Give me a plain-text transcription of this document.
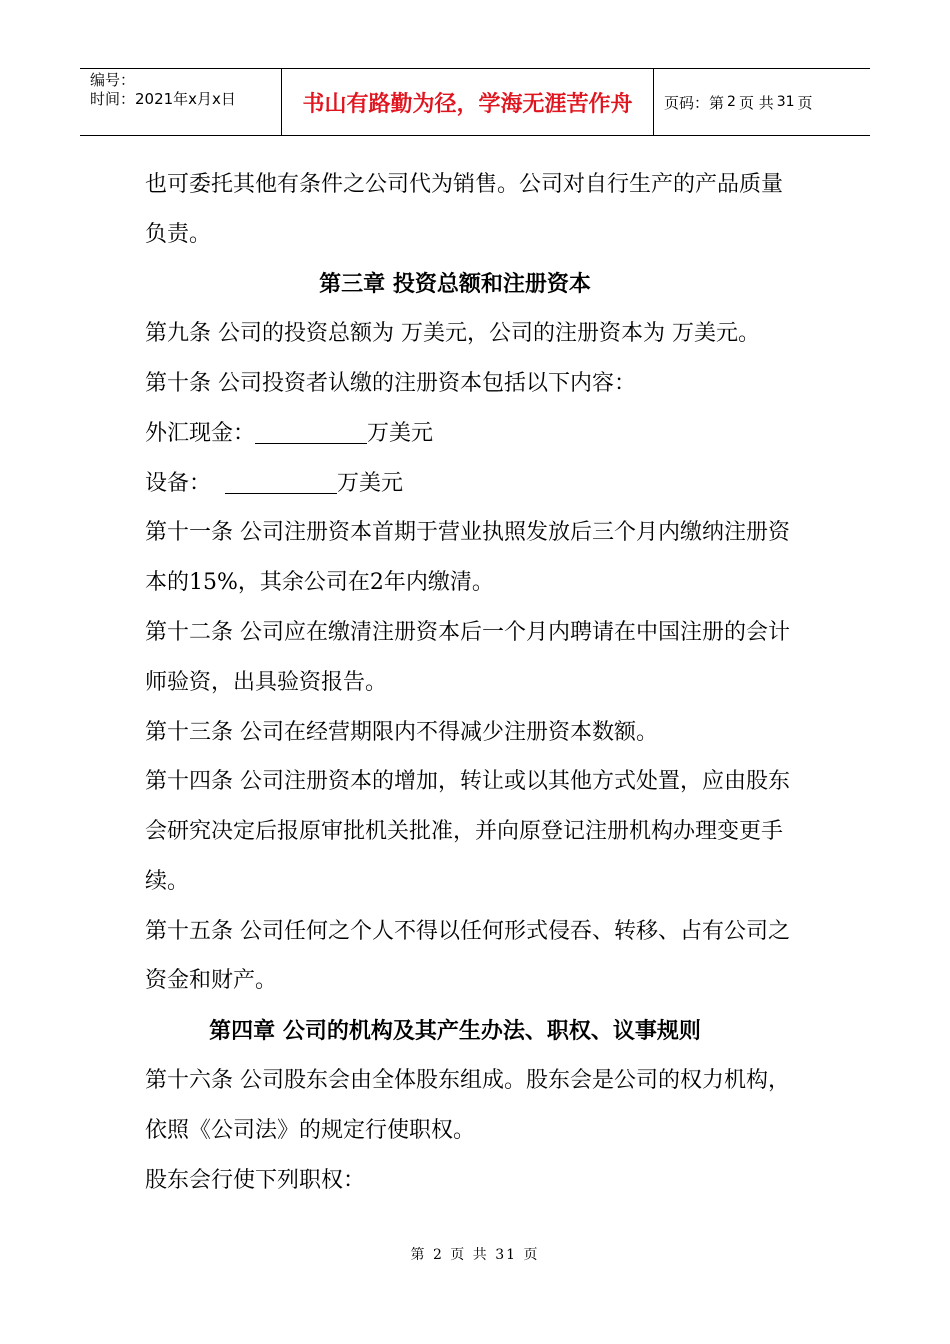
编号：
时间：2021年x月x日	书山有路勤为径，学海无涯苦作舟	页码：第 2 页 共 31 页
也可委托其他有条件之公司代为销售。公司对自行生产的产品质量
负责。
第三章 投资总额和注册资本
第九条 公司的投资总额为 万美元，公司的注册资本为 万美元。
第十条 公司投资者认缴的注册资本包括以下内容：
外汇现金：	万美元
设备：	万美元
第十一条 公司注册资本首期于营业执照发放后三个月内缴纳注册资
本的15%，其余公司在2年内缴清。
第十二条 公司应在缴清注册资本后一个月内聘请在中国注册的会计
师验资，出具验资报告。
第十三条 公司在经营期限内不得减少注册资本数额。
第十四条 公司注册资本的增加，转让或以其他方式处置，应由股东
会研究决定后报原审批机关批准，并向原登记注册机构办理变更手
续。
第十五条 公司任何之个人不得以任何形式侵吞、转移、占有公司之
资金和财产。
第四章 公司的机构及其产生办法、职权、议事规则
第十六条 公司股东会由全体股东组成。股东会是公司的权力机构，
依照《公司法》的规定行使职权。
股东会行使下列职权：
第 2 页 共 31 页
